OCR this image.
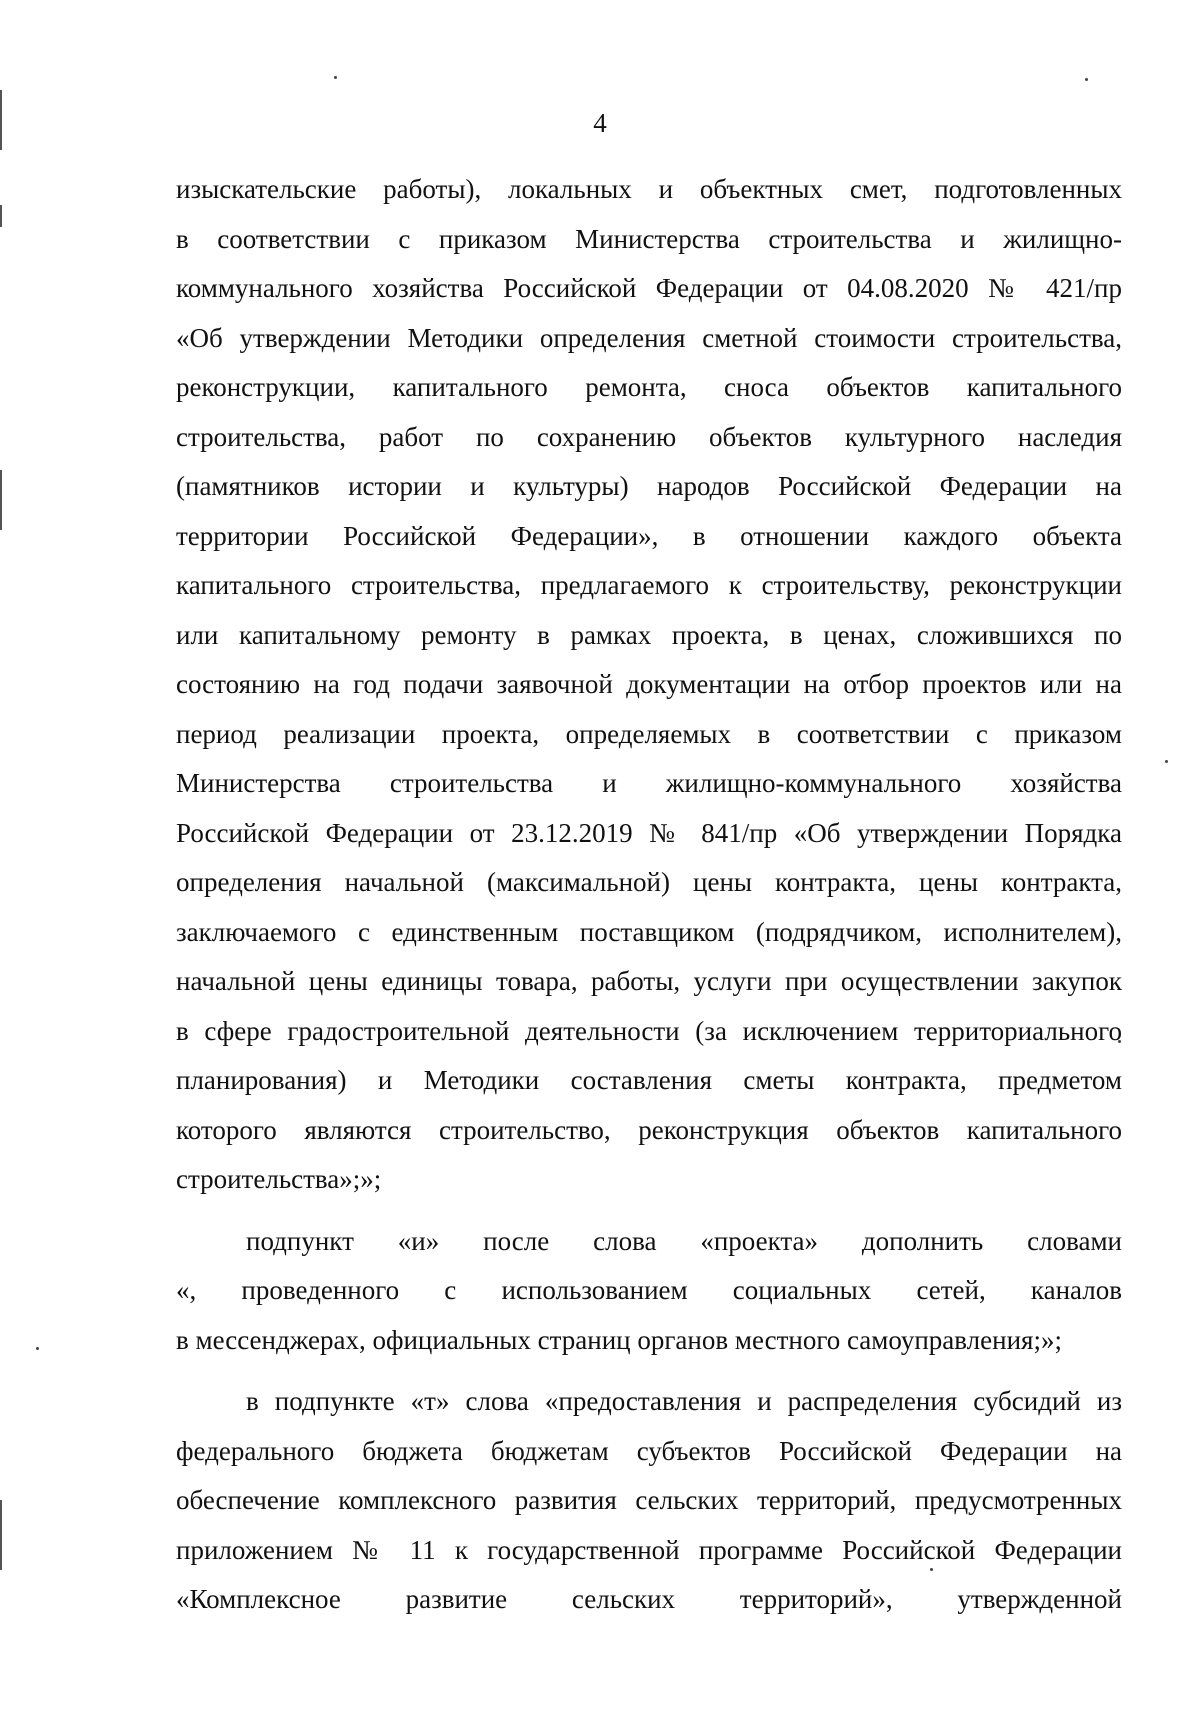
4

изыскательские работы), локальных и объектных смет, подготовленных
в соответствии с приказом Министерства строительства и жилищно-
коммунального хозяйства Российской Федерации от 04.08.2020 № 421/пр
«Об утверждении Методики определения сметной стоимости строительства,
реконструкции, капитального ремонта, сноса объектов капитального
строительства, работ по сохранению объектов культурного наследия
(памятников истории и культуры) народов Российской Федерации на
территории Российской Федерации», в отношении каждого объекта
капитального строительства, предлагаемого к строительству, реконструкции
или капитальному ремонту в рамках проекта, в ценах, сложившихся по
состоянию на год подачи заявочной документации на отбор проектов или на
период реализации проекта, определяемых в соответствии с приказом
Министерства строительства и жилищно-коммунального хозяйства
Российской Федерации от 23.12.2019 № 841/пр «Об утверждении Порядка
определения начальной (максимальной) цены контракта, цены контракта,
заключаемого с единственным поставщиком (подрядчиком, исполнителем),
начальной цены единицы товара, работы, услуги при осуществлении закупок
в сфере градостроительной деятельности (за исключением территориального
планирования) и Методики составления сметы контракта, предметом
которого являются строительство, реконструкция объектов капитального
строительства»;»;

подпункт «и» после слова «проекта» дополнить словами
«, проведенного с использованием социальных сетей, каналов
в мессенджерах, официальных страниц органов местного самоуправления;»;

в подпункте «т» слова «предоставления и распределения субсидий из
федерального бюджета бюджетам субъектов Российской Федерации на
обеспечение комплексного развития сельских территорий, предусмотренных
приложением № 11 к государственной программе Российской Федерации
«Комплексное развитие сельских территорий», утвержденной
